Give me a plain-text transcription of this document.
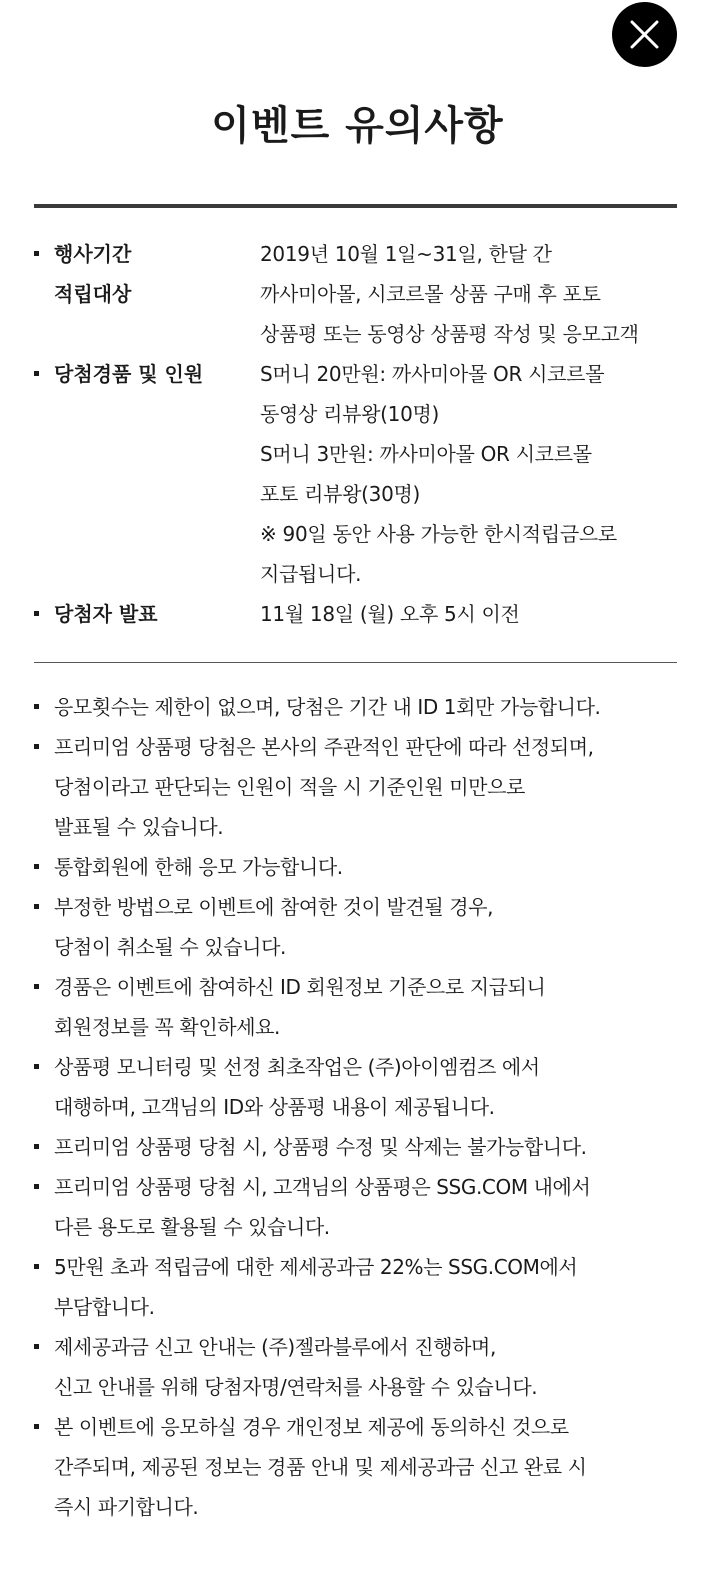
이벤트 유의사항
행사기간	2019년 10월 1일~31일, 한달 간
적립대상	까사미아몰, 시코르몰 상품 구매 후 포토
상품평 또는 동영상 상품평 작성 및 응모고객
당첨경품 및 인원	S머니 20만원: 까사미아몰 OR 시코르몰
동영상 리뷰왕(10명)
S머니 3만원: 까사미아몰 OR 시코르몰
포토 리뷰왕(30명)
※ 90일 동안 사용 가능한 한시적립금으로
지급됩니다.
당첨자 발표	11월 18일 (월) 오후 5시 이전
응모횟수는 제한이 없으며, 당첨은 기간 내 ID 1회만 가능합니다.
프리미엄 상품평 당첨은 본사의 주관적인 판단에 따라 선정되며,
당첨이라고 판단되는 인원이 적을 시 기준인원 미만으로
발표될 수 있습니다.
통합회원에 한해 응모 가능합니다.
부정한 방법으로 이벤트에 참여한 것이 발견될 경우,
당첨이 취소될 수 있습니다.
경품은 이벤트에 참여하신 ID 회원정보 기준으로 지급되니
회원정보를 꼭 확인하세요.
상품평 모니터링 및 선정 최초작업은 (주)아이엠컴즈 에서
대행하며, 고객님의 ID와 상품평 내용이 제공됩니다.
프리미엄 상품평 당첨 시, 상품평 수정 및 삭제는 불가능합니다.
프리미엄 상품평 당첨 시, 고객님의 상품평은 SSG.COM 내에서
다른 용도로 활용될 수 있습니다.
5만원 초과 적립금에 대한 제세공과금 22%는 SSG.COM에서
부담합니다.
제세공과금 신고 안내는 (주)젤라블루에서 진행하며,
신고 안내를 위해 당첨자명/연락처를 사용할 수 있습니다.
본 이벤트에 응모하실 경우 개인정보 제공에 동의하신 것으로
간주되며, 제공된 정보는 경품 안내 및 제세공과금 신고 완료 시
즉시 파기합니다.
